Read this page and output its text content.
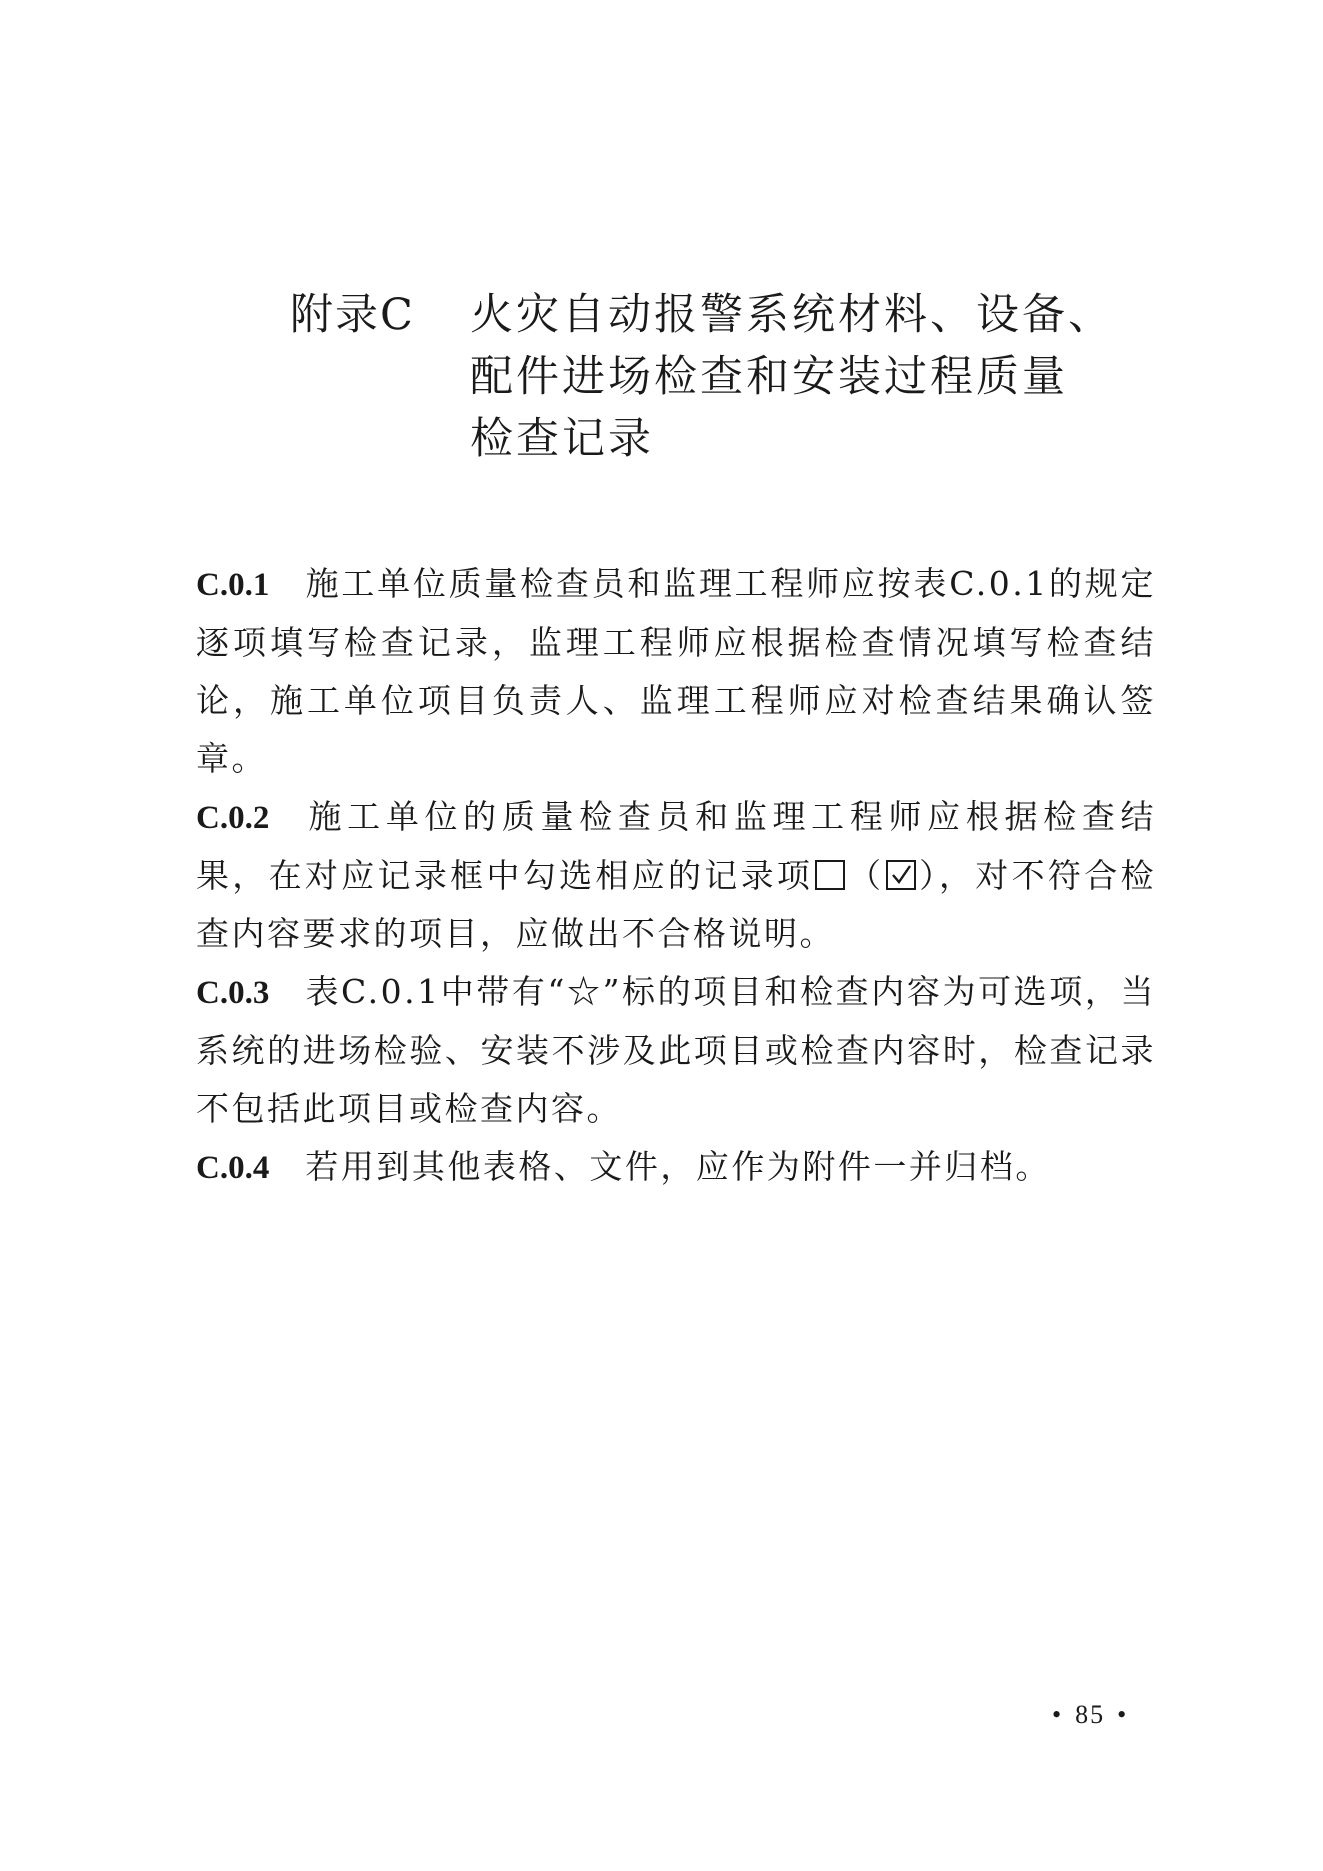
附录C	火灾自动报警系统材料、设备、
配件进场检查和安装过程质量
检查记录

C.0.1 施工单位质量检查员和监理工程师应按表C.0.1的规定逐项填写检查记录，监理工程师应根据检查情况填写检查结论，施工单位项目负责人、监理工程师应对检查结果确认签章。

C.0.2 施工单位的质量检查员和监理工程师应根据检查结果，在对应记录框中勾选相应的记录项 （ ），对不符合检查内容要求的项目，应做出不合格说明。

C.0.3 表C.0.1中带有“☆”标的项目和检查内容为可选项，当系统的进场检验、安装不涉及此项目或检查内容时，检查记录不包括此项目或检查内容。

C.0.4 若用到其他表格、文件，应作为附件一并归档。

• 85 •
